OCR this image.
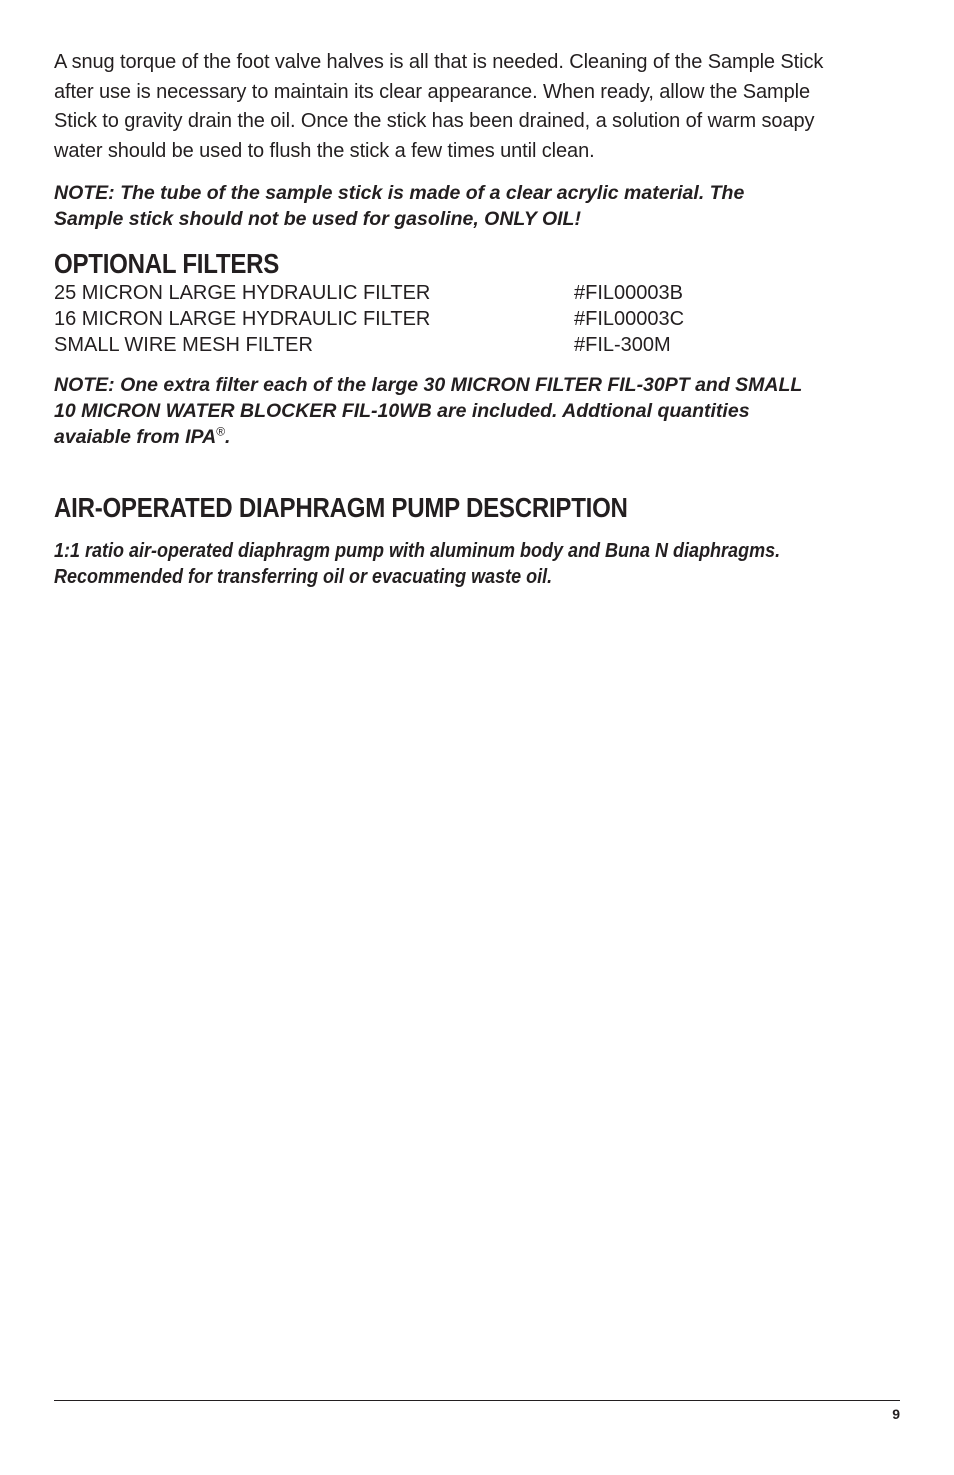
A snug torque of the foot valve halves is all that is needed. Cleaning of the Sample Stick
after use is necessary to maintain its clear appearance. When ready, allow the Sample
Stick to gravity drain the oil. Once the stick has been drained, a solution of warm soapy
water should be used to flush the stick a few times until clean.

NOTE: The tube of the sample stick is made of a clear acrylic material. The
Sample stick should not be used for gasoline, ONLY OIL!

OPTIONAL FILTERS
25 MICRON LARGE HYDRAULIC FILTER	#FIL00003B
16 MICRON LARGE HYDRAULIC FILTER	#FIL00003C
SMALL WIRE MESH FILTER	#FIL-300M

NOTE: One extra filter each of the large 30 MICRON FILTER FIL-30PT and SMALL
10 MICRON WATER BLOCKER FIL-10WB are included. Addtional quantities
avaiable from IPA®.

AIR-OPERATED DIAPHRAGM PUMP DESCRIPTION

1:1 ratio air-operated diaphragm pump with aluminum body and Buna N diaphragms.
Recommended for transferring oil or evacuating waste oil.

9
